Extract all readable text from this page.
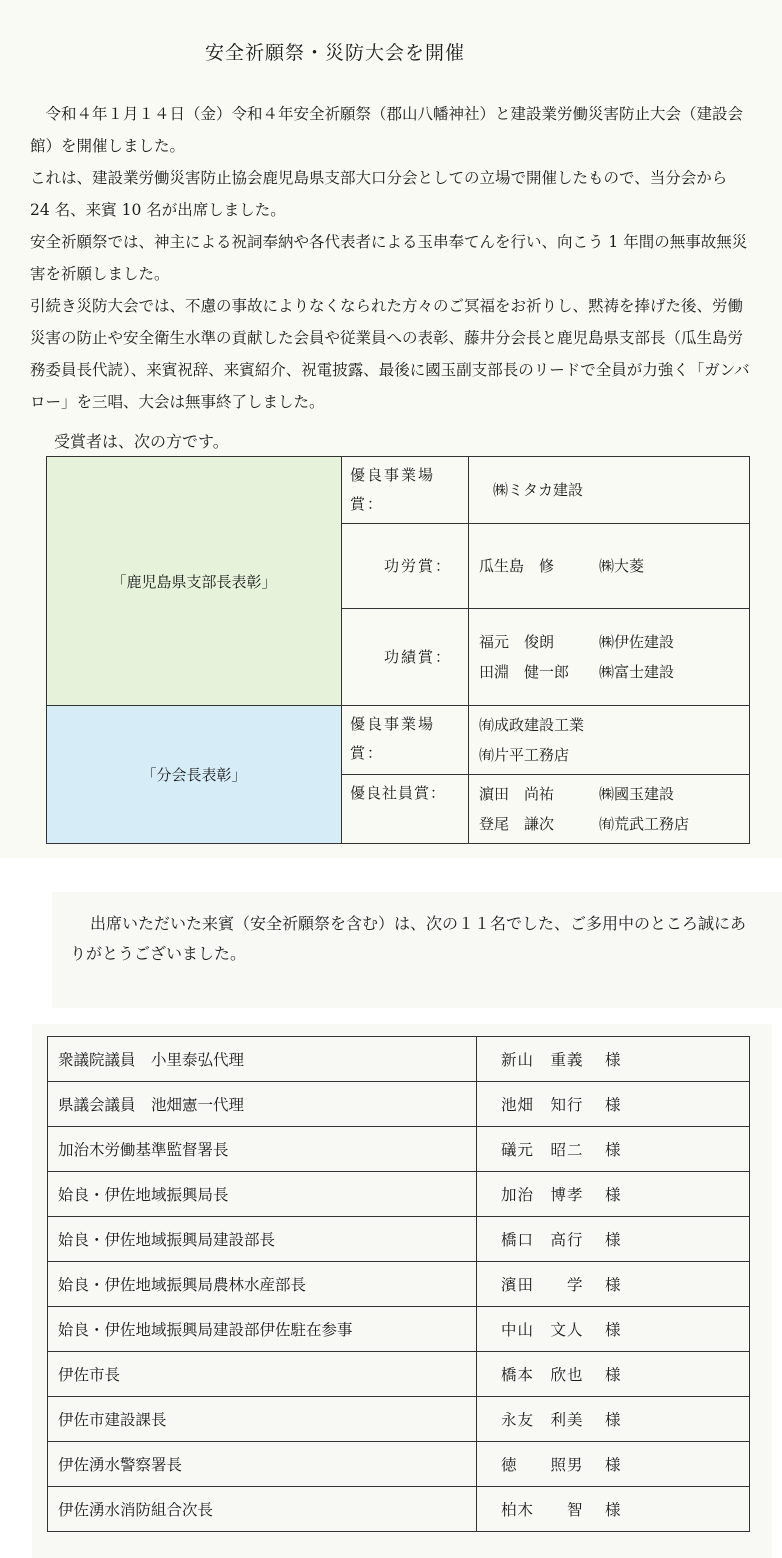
安全祈願祭・災防大会を開催

　令和４年１月１４日（金）令和４年安全祈願祭（郡山八幡神社）と建設業労働災害防止大会（建設会館）を開催しました。

これは、建設業労働災害防止協会鹿児島県支部大口分会としての立場で開催したもので、当分会から 24 名、来賓 10 名が出席しました。

安全祈願祭では、神主による祝詞奉納や各代表者による玉串奉てんを行い、向こう 1 年間の無事故無災害を祈願しました。

引続き災防大会では、不慮の事故によりなくなられた方々のご冥福をお祈りし、黙祷を捧げた後、労働災害の防止や安全衛生水準の貢献した会員や従業員への表彰、藤井分会長と鹿児島県支部長（瓜生島労務委員長代読）、来賓祝辞、来賓紹介、祝電披露、最後に國玉副支部長のリードで全員が力強く「ガンバロー」を三唱、大会は無事終了しました。

受賞者は、次の方です。
「鹿児島県支部長表彰」	優良事業場賞：	㈱ミタカ建設
	功労賞：	瓜生島　修 ㈱大菱

	功績賞：	福元　俊朗 ㈱伊佐建設
田淵　健一郎 ㈱富士建設

「分会長表彰」	優良事業場賞：	㈲成政建設工業
㈲片平工務店

	優良社員賞：	濵田　尚祐 ㈱國玉建設
登尾　謙次 ㈲荒武工務店

出席いただいた来賓（安全祈願祭を含む）は、次の１１名でした、ご多用中のところ誠にありがとうございました。

衆議院議員　小里泰弘代理	新山　重義 様
県議会議員　池畑憲一代理	池畑　知行 様
加治木労働基準監督署長	礒元　昭二 様
姶良・伊佐地域振興局長	加治　博孝 様
姶良・伊佐地域振興局建設部長	橋口　高行 様
姶良・伊佐地域振興局農林水産部長	濱田　　学 様
姶良・伊佐地域振興局建設部伊佐駐在参事	中山　文人 様
伊佐市長	橋本　欣也 様
伊佐市建設課長	永友　利美 様
伊佐湧水警察署長	徳　　照男 様
伊佐湧水消防組合次長	柏木　　智 様
